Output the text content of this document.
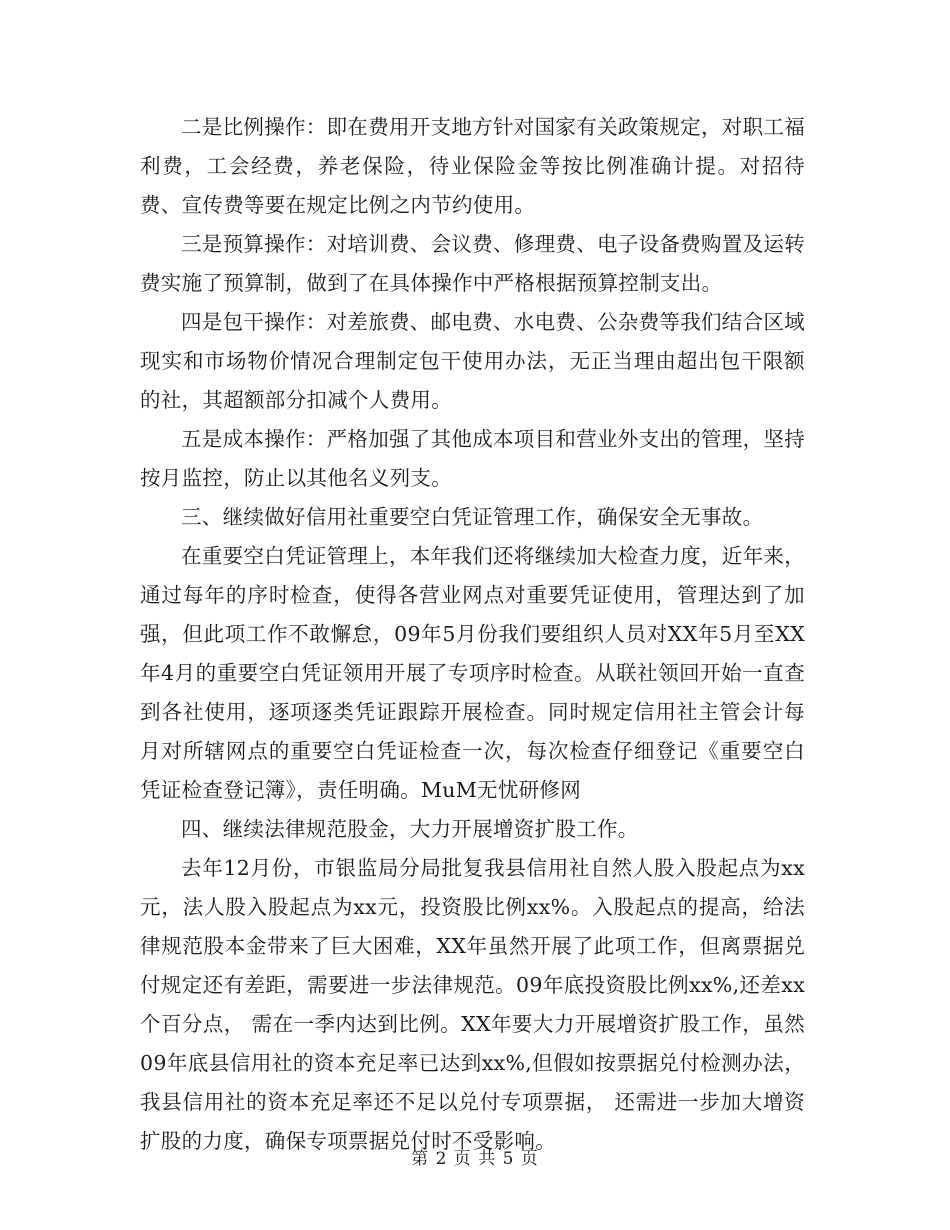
二是比例操作：即在费用开支地方针对国家有关政策规定，对职工福利费，工会经费，养老保险，待业保险金等按比例准确计提。对招待费、宣传费等要在规定比例之内节约使用。

三是预算操作：对培训费、会议费、修理费、电子设备费购置及运转费实施了预算制，做到了在具体操作中严格根据预算控制支出。

四是包干操作：对差旅费、邮电费、水电费、公杂费等我们结合区域现实和市场物价情况合理制定包干使用办法，无正当理由超出包干限额的社，其超额部分扣减个人费用。

五是成本操作：严格加强了其他成本项目和营业外支出的管理，坚持按月监控，防止以其他名义列支。

三、继续做好信用社重要空白凭证管理工作，确保安全无事故。

在重要空白凭证管理上，本年我们还将继续加大检查力度，近年来，通过每年的序时检查，使得各营业网点对重要凭证使用，管理达到了加强，但此项工作不敢懈怠，09年5月份我们要组织人员对XX年5月至XX年4月的重要空白凭证领用开展了专项序时检查。从联社领回开始一直查到各社使用，逐项逐类凭证跟踪开展检查。同时规定信用社主管会计每月对所辖网点的重要空白凭证检查一次，每次检查仔细登记《重要空白凭证检查登记簿》，责任明确。MuM无忧研修网

四、继续法律规范股金，大力开展增资扩股工作。

去年12月份，市银监局分局批复我县信用社自然人股入股起点为xx元，法人股入股起点为xx元，投资股比例xx%。入股起点的提高，给法律规范股本金带来了巨大困难，XX年虽然开展了此项工作，但离票据兑付规定还有差距，需要进一步法律规范。09年底投资股比例xx%,还差xx个百分点， 需在一季内达到比例。XX年要大力开展增资扩股工作，虽然09年底县信用社的资本充足率已达到xx%,但假如按票据兑付检测办法，我县信用社的资本充足率还不足以兑付专项票据， 还需进一步加大增资扩股的力度，确保专项票据兑付时不受影响。

第 2 页 共 5 页
